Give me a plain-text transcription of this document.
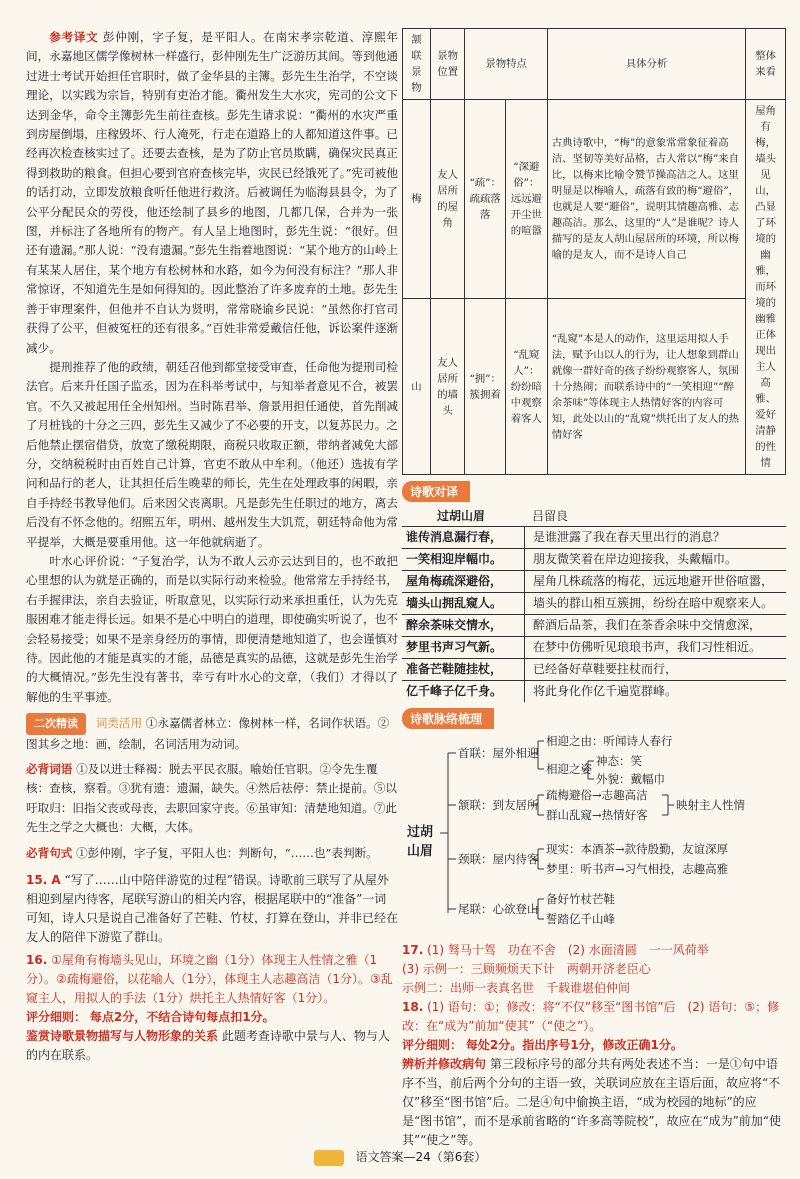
参考译文 彭仲刚，字子复，是平阳人。在南宋孝宗乾道、淳熙年间，永嘉地区儒学像树林一样盛行，彭仲刚先生广泛游历其间。等到他通过进士考试开始担任官职时，做了金华县的主簿。彭先生生治学，不空谈理论，以实践为宗旨，特别有吏治才能。衢州发生大水灾，宪司的公文下达到金华，命令主簿彭先生前往查核。彭先生请求说：“衢州的水灾严重到房屋倒塌，庄稼毁坏、行人淹死，行走在道路上的人都知道这件事。已经再次检查核实过了。还要去查核，是为了防止官员欺瞒，确保灾民真正得到救助的粮食。但担心要到官府查核完毕，灾民已经饿死了。”宪司被他的话打动，立即发放粮食听任他进行救济。后被调任为临海县县令，为了公平分配民众的劳役，他还绘制了县乡的地图，几都几保，合并为一张图，并标注了各地所有的物产。有人呈上地图时，彭先生说：“很好。但还有遗漏。”那人说：“没有遗漏。”彭先生指着地图说：“某个地方的山岭上有某某人居住，某个地方有松树林和水路，如今为何没有标注？”那人非常惊讶，不知道先生是如何得知的。因此整治了许多废弃的土地。彭先生善于审理案件，但他并不自认为贤明，常常晓谕乡民说：“虽然你打官司获得了公平，但被冤枉的还有很多。”百姓非常爱戴信任他，诉讼案件逐渐减少。

提刑推荐了他的政绩，朝廷召他到都堂接受审查，任命他为提刑司检法官。后来升任国子监丞，因为在科举考试中，与知举者意见不合，被罢官。不久又被起用任全州知州。当时陈君举、詹景用担任通使，首先削减了月桩钱的十分之三四，彭先生又减少了不必要的开支，以复苏民力。之后他禁止摆宿借贷，放宽了缴税期限，商税只收取正额，带纳者减免大部分，交纳税税时由百姓自己计算，官吏不敢从中牟利。（他还）选拔有学问和品行的老人，让其担任后生晚辈的师长，先生在处理政事的闲暇，亲自手持经书教导他们。后来因父丧离职。凡是彭先生任职过的地方，离去后没有不怀念他的。绍熙五年，明州、越州发生大饥荒，朝廷特命他为常平提举，大概是要重用他。这一年他就病逝了。

叶水心评价说：“子复治学，认为不敢人云亦云达到目的，也不敢把心里想的认为就是正确的，而是以实际行动来检验。他常常左手持经书，右手握律法，亲自去验证，听取意见，以实际行动来承担重任，认为先克服困难才能走得长远。如果不是心中明白的道理，即使确实听说了，也不会轻易接受；如果不是亲身经历的事情，即便清楚地知道了，也会谨慎对待。因此他的才能是真实的才能，品德是真实的品德，这就是彭先生治学的大概情况。”彭先生没有著书，幸亏有叶水心的文章，（我们）才得以了解他的生平事迹。

二次精读 词类活用 ①永嘉儒者林立：像树林一样，名词作状语。②图其乡之地：画，绘制，名词活用为动词。
必背词语 ①及以进士释褐：脱去平民衣服。喻始任官职。②令先生覆核：查核，察看。③犹有遗：遗漏，缺失。④然后祛停：禁止提前。⑤以吁取归：旧指父丧或母丧，去职回家守丧。⑥虽审知：清楚地知道。⑦此先生之学之大概也：大概，大体。
必背句式 ①彭仲刚，字子复，平阳人也：判断句，“……也”表判断。

15. A “写了……山中陪伴游览的过程”错误。诗歌前三联写了从屋外相迎到屋内待客，尾联写游山的相关内容，根据尾联中的“准备”一词可知，诗人只是说自己准备好了芒鞋、竹杖，打算在登山，并非已经在友人的陪伴下游览了群山。

16. ①屋角有梅墙头见山，环境之幽（1分）体现主人性情之雅（1分）。②疏梅避俗，以花喻人（1分），体现主人志趣高洁（1分）。③乱窥主人，用拟人的手法（1分）烘托主人热情好客（1分）。

评分细则： 每点2分，不结合诗句每点扣1分。

鉴赏诗歌景物描写与人物形象的关系 此题考查诗歌中景与人、物与人的内在联系。

颔联景物	景物位置	景物特点		具体分析	整体来看
梅	友人居所的屋角	“疏”：疏疏落落	“深避俗”：远远避开尘世的喧嚣	古典诗歌中，“梅”的意象常常象征着高洁、坚韧等美好品格，古人常以“梅”来自比，以梅来比喻令赞节操高洁之人。这里明显是以梅喻人，疏落有致的梅“避俗”，也就是人要“避俗”，说明其情趣高雅、志趣高洁。那么，这里的“人”是谁呢？诗人描写的是友人胡山屋居所的环境，所以梅喻的是友人，而不是诗人自己	屋角有梅，墙头见山，凸显了环境的幽雅，而环境的幽雅正体现出主人高雅、爱好清静的性情
山	友人居所的墙头	“拥”：簇拥着	“乱窥人”：纷纷暗中观察着客人	“乱窥”本是人的动作，这里运用拟人手法，赋予山以人的行为，让人想象到群山就像一群好奇的孩子纷纷观察客人，氛围十分热闹；而联系诗中的“一笑相迎”“醉余茶味”等体现主人热情好客的内容可知，此处以山的“乱窥”烘托出了友人的热情好客	
诗歌对译
过胡山眉	吕留良
谁传消息漏行春，	是谁泄露了我在春天里出行的消息？
一笑相迎岸幅巾。	朋友微笑着在岸边迎接我，头戴幅巾。
屋角梅疏深避俗，	屋角几株疏落的梅花，远远地避开世俗喧嚣，
墙头山拥乱窥人。	墙头的群山相互簇拥，纷纷在暗中观察来人。
醉余茶味交情水，	醉酒后品茶，我们在茶香余味中交情愈深，
梦里书声习气新。	在梦中仿佛听见琅琅书声，我们习性相近。
准备芒鞋随挂杖，	已经备好草鞋要拄杖而行，
亿千峰子亿千身。	将此身化作亿千遍览群峰。
诗歌脉络梳理
过胡山眉
首联：屋外相迎
相迎之由：听闻诗人春行
相迎之姿
神态：笑
外貌：戴幅巾
颔联：到友居所
疏梅避俗→志趣高洁
群山乱窥→热情好客
映射主人性情
颈联：屋内待客
现实：本酒茶→款待殷勤，友谊深厚
梦里：听书声→习气相投，志趣高雅
尾联：心欲登山
备好竹杖芒鞋
誓踏亿千山峰

17. (1) 驽马十驾　功在不舍　(2) 水面清圆　一一风荷举

(3) 示例一：三顾频烦天下计　两朝开济老臣心

示例二：出师一表真名世　千载谁堪伯仲间

18. (1) 语句：①；修改：将“不仅”移至“图书馆”后　(2) 语句：⑤；修改：在“成为”前加“使其”（“使之”）。

评分细则： 每处2分。指出序号1分，修改正确1分。

辨析并修改病句 第三段标序号的部分共有两处表述不当：一是①句中语序不当，前后两个分句的主语一致，关联词应放在主语后面，故应将“不仅”移至“图书馆”后。二是④句中偷换主语，“成为校园的地标”的应是“图书馆”，而不是承前省略的“许多高等院校”，故应在“成为”前加“使其”“使之”等。

语文答案—24（第6套）
